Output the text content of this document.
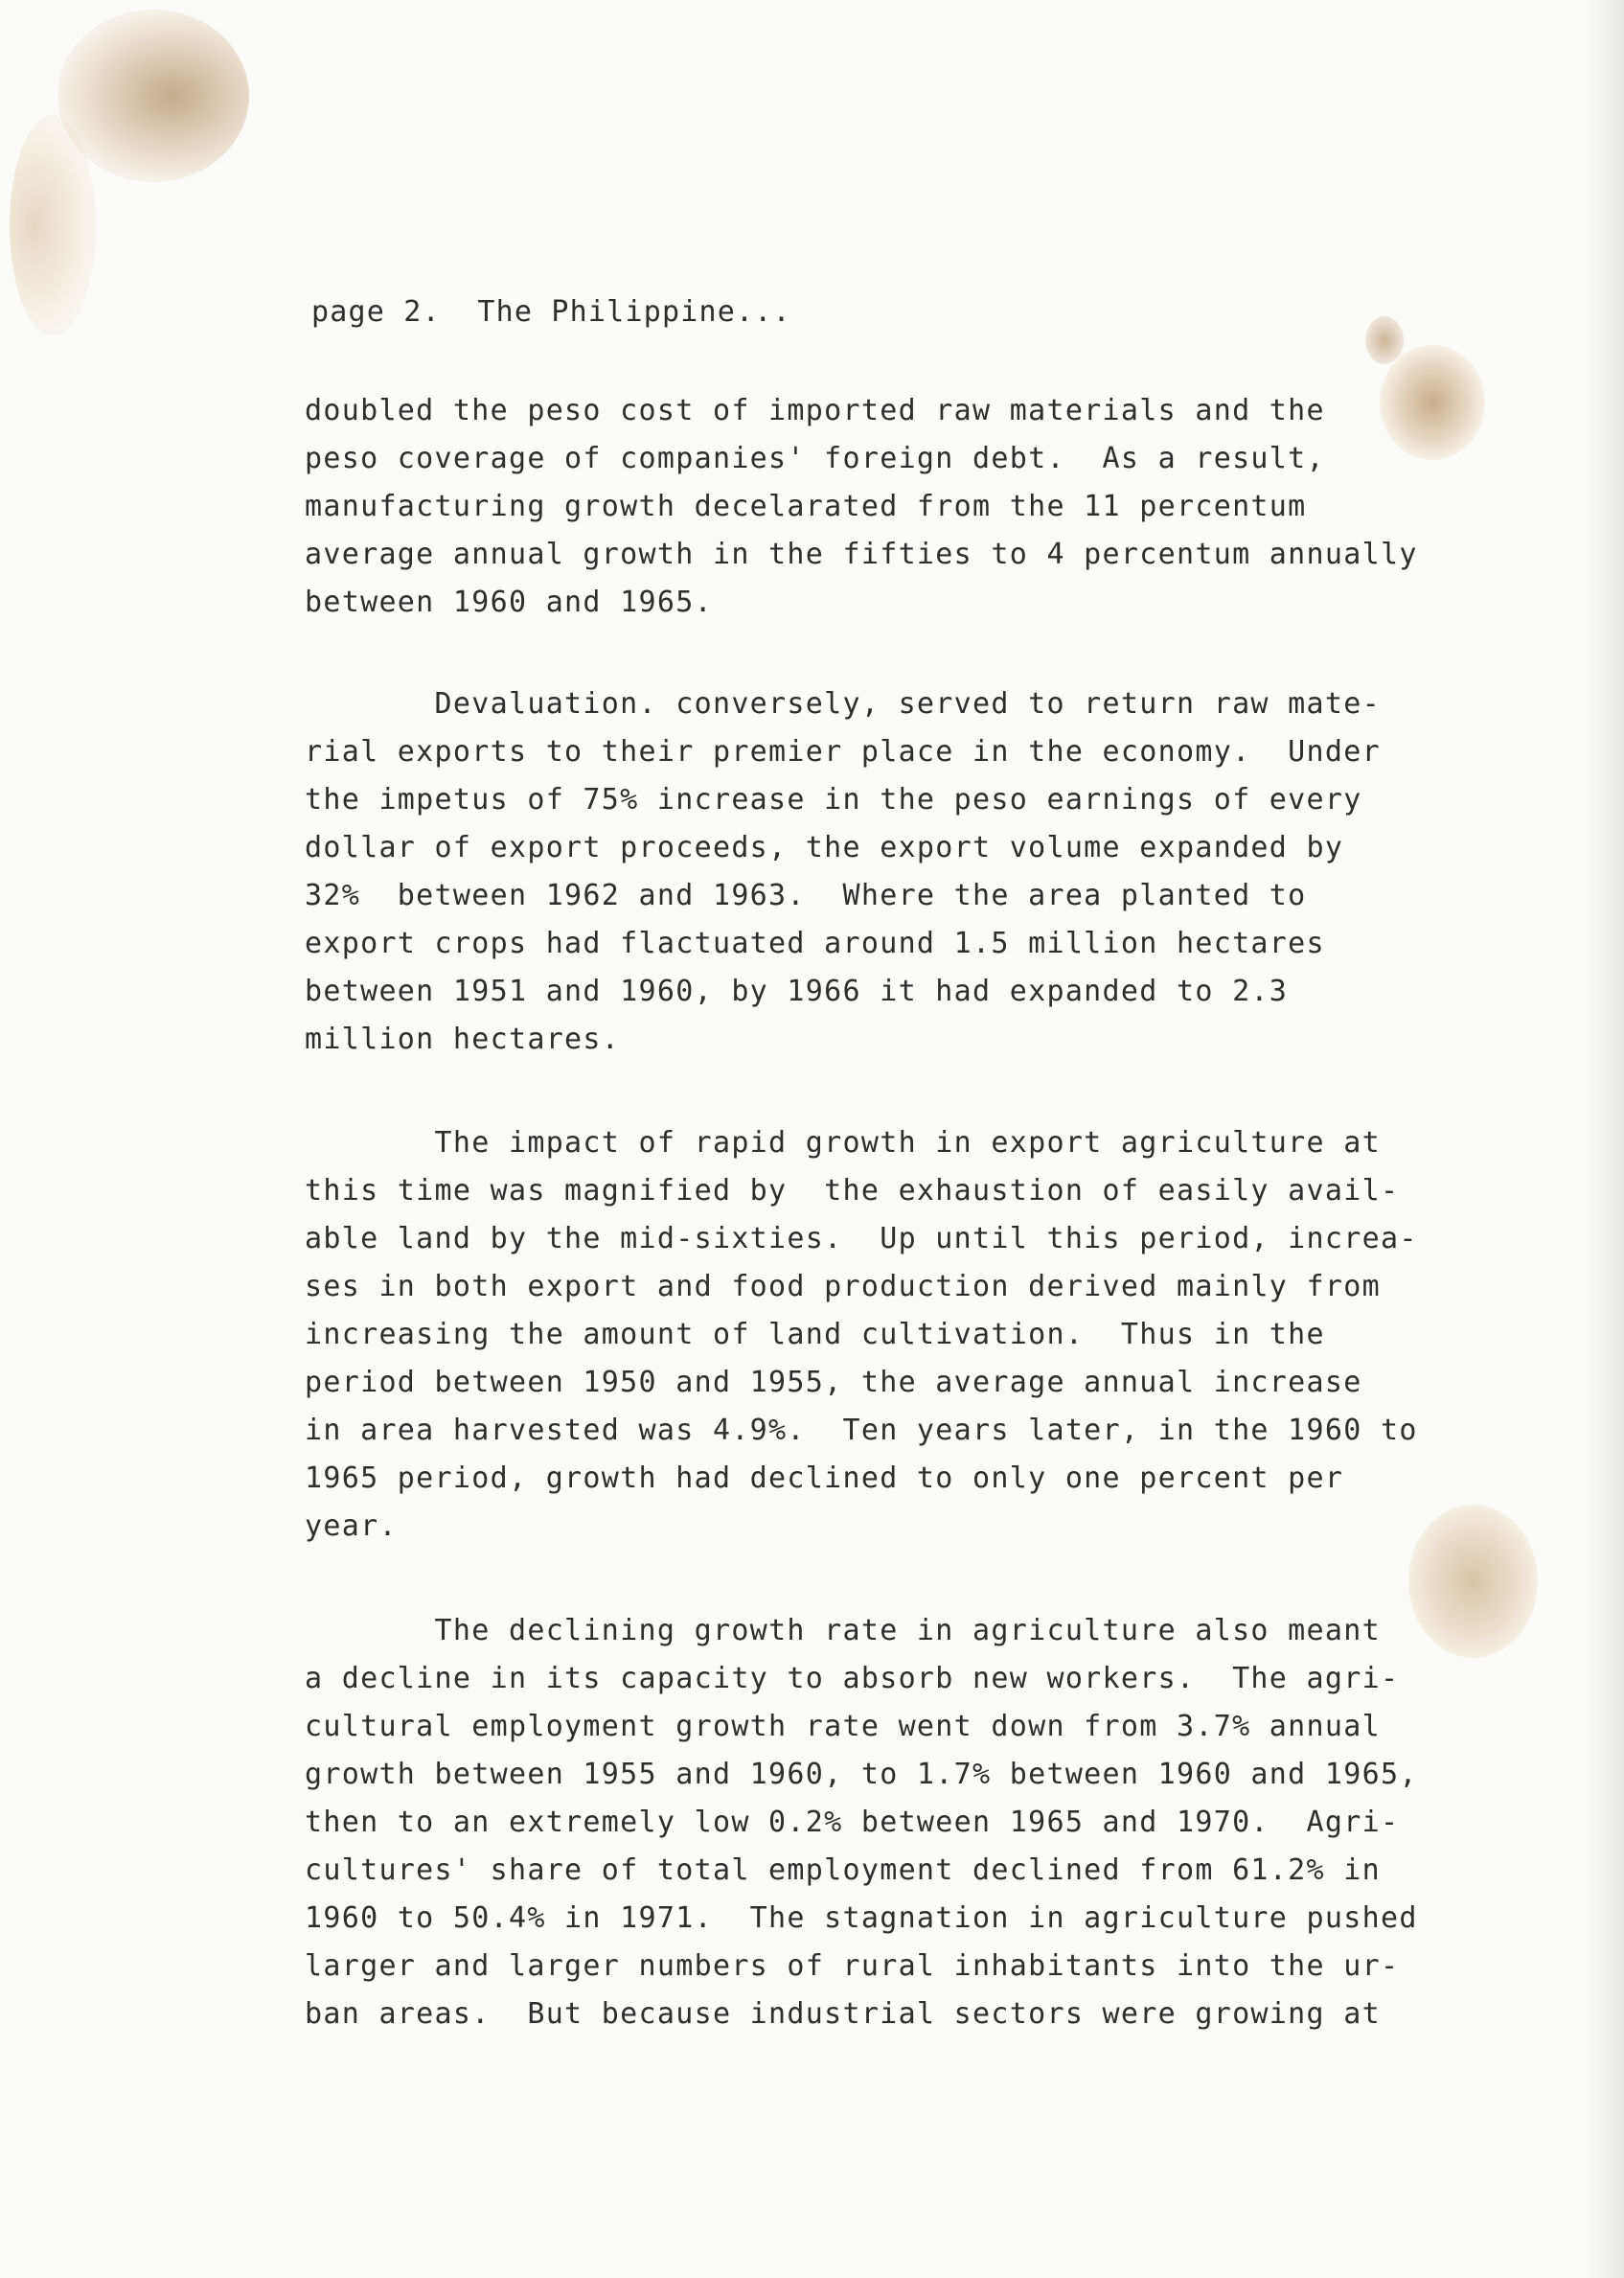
page 2.  The Philippine...
doubled the peso cost of imported raw materials and the
peso coverage of companies' foreign debt.  As a result,
manufacturing growth decelarated from the 11 percentum
average annual growth in the fifties to 4 percentum annually
between 1960 and 1965.
Devaluation. conversely, served to return raw mate-
rial exports to their premier place in the economy.  Under
the impetus of 75% increase in the peso earnings of every
dollar of export proceeds, the export volume expanded by
32%  between 1962 and 1963.  Where the area planted to
export crops had flactuated around 1.5 million hectares
between 1951 and 1960, by 1966 it had expanded to 2.3
million hectares.
The impact of rapid growth in export agriculture at
this time was magnified by  the exhaustion of easily avail-
able land by the mid-sixties.  Up until this period, increa-
ses in both export and food production derived mainly from
increasing the amount of land cultivation.  Thus in the
period between 1950 and 1955, the average annual increase
in area harvested was 4.9%.  Ten years later, in the 1960 to
1965 period, growth had declined to only one percent per
year.
The declining growth rate in agriculture also meant
a decline in its capacity to absorb new workers.  The agri-
cultural employment growth rate went down from 3.7% annual
growth between 1955 and 1960, to 1.7% between 1960 and 1965,
then to an extremely low 0.2% between 1965 and 1970.  Agri-
cultures' share of total employment declined from 61.2% in
1960 to 50.4% in 1971.  The stagnation in agriculture pushed
larger and larger numbers of rural inhabitants into the ur-
ban areas.  But because industrial sectors were growing at
